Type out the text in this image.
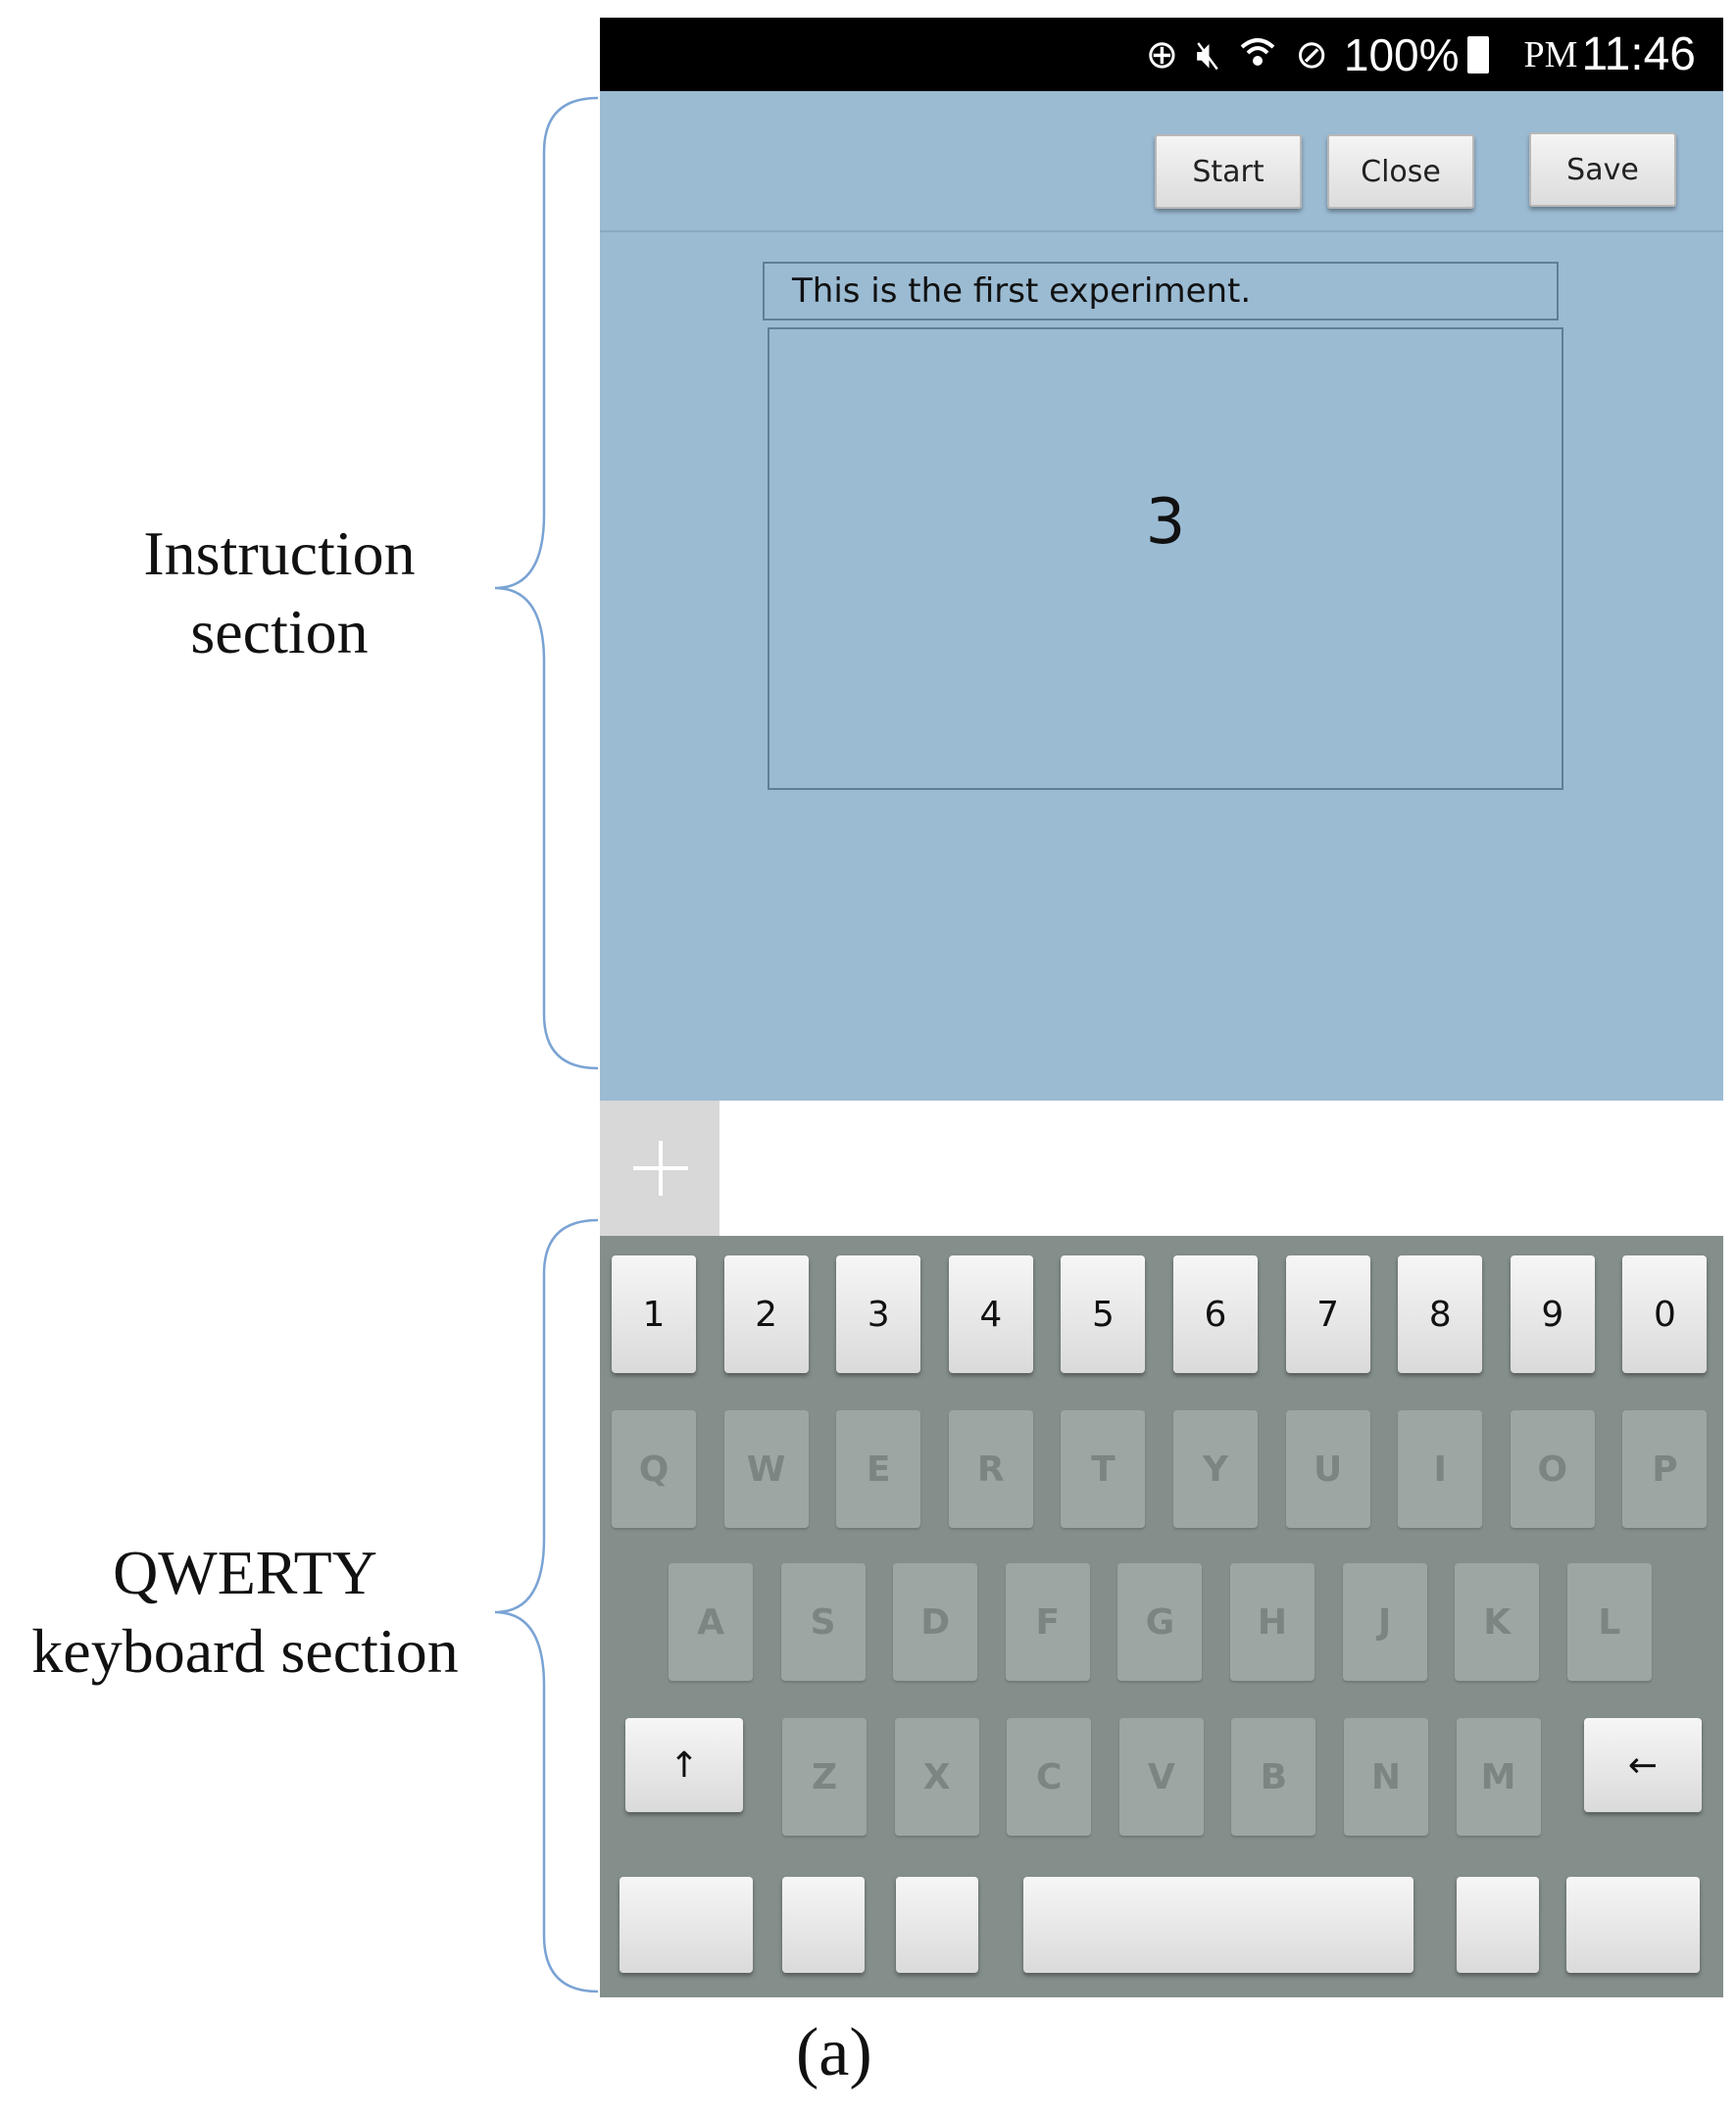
Instruction
section
QWERTY
keyboard section
⊕ 🔇︎ ⊘ 100% PM 11:46
Start	Close	Save
This is the first experiment.
3
1	2	3	4	5	6	7	8	9	0
Q	W	E	R	T	Y	U	I	O	P
A	S	D	F	G	H	J	K	L
↑	Z	X	C	V	B	N	M	←
(a)
